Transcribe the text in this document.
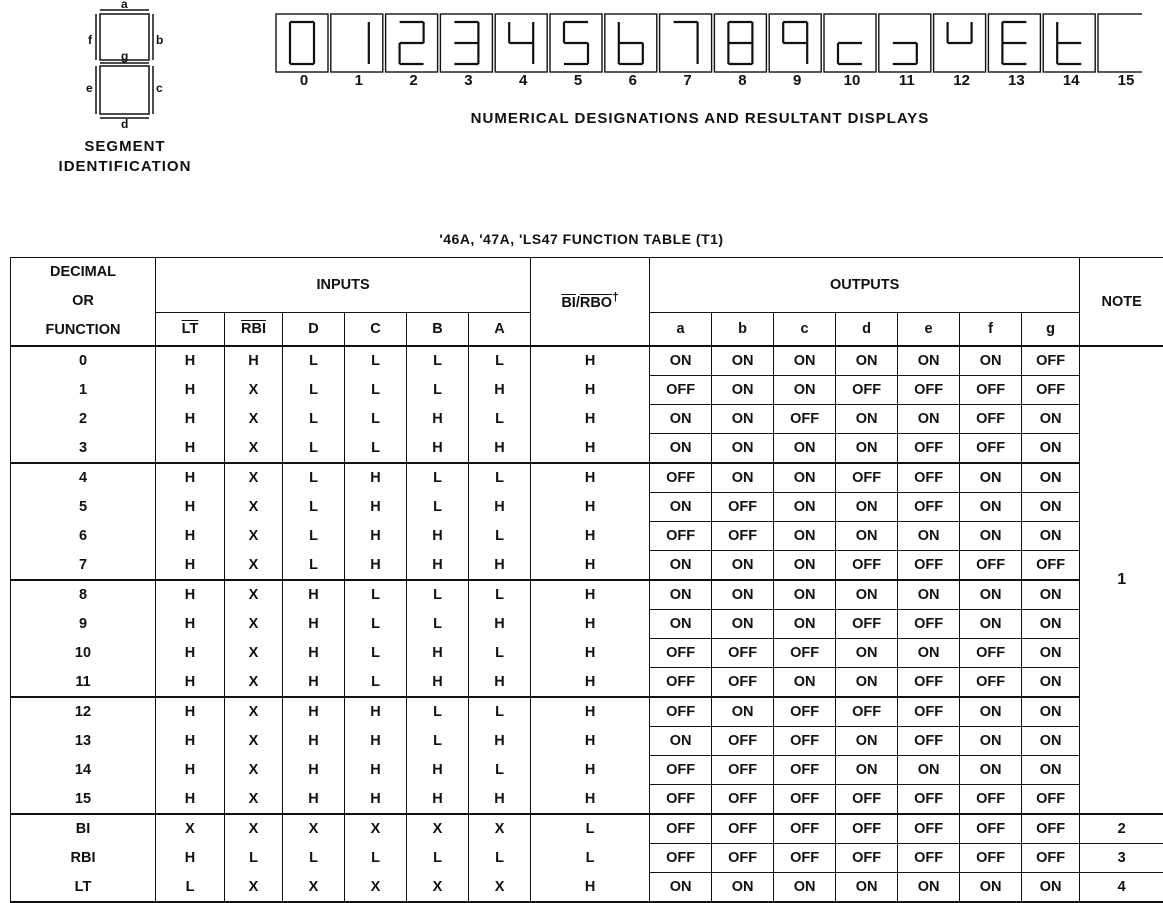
a
b
c
d
e
f
g
SEGMENT
IDENTIFICATION
0	1	2	3	4	5	6	7	8	9	10	11	12	13	14	15
NUMERICAL DESIGNATIONS AND RESULTANT DISPLAYS
'46A, '47A, 'LS47 FUNCTION TABLE (T1)
DECIMAL
OR
FUNCTION	INPUTS						$\overline{BI}/\overline{RBO}^\dagger$	OUTPUTS							NOTE
	$\overline{LT}$	$\overline{RBI}$	D	C	B	A		a	b	c	d	e	f	g	
0	H	H	L	L	L	L	H	ON	ON	ON	ON	ON	ON	OFF	1
1	H	X	L	L	L	H	H	OFF	ON	ON	OFF	OFF	OFF	OFF	
2	H	X	L	L	H	L	H	ON	ON	OFF	ON	ON	OFF	ON	
3	H	X	L	L	H	H	H	ON	ON	ON	ON	OFF	OFF	ON	
4	H	X	L	H	L	L	H	OFF	ON	ON	OFF	OFF	ON	ON	
5	H	X	L	H	L	H	H	ON	OFF	ON	ON	OFF	ON	ON	
6	H	X	L	H	H	L	H	OFF	OFF	ON	ON	ON	ON	ON	
7	H	X	L	H	H	H	H	ON	ON	ON	OFF	OFF	OFF	OFF	
8	H	X	H	L	L	L	H	ON	ON	ON	ON	ON	ON	ON	
9	H	X	H	L	L	H	H	ON	ON	ON	OFF	OFF	ON	ON	
10	H	X	H	L	H	L	H	OFF	OFF	OFF	ON	ON	OFF	ON	
11	H	X	H	L	H	H	H	OFF	OFF	ON	ON	OFF	OFF	ON	
12	H	X	H	H	L	L	H	OFF	ON	OFF	OFF	OFF	ON	ON	
13	H	X	H	H	L	H	H	ON	OFF	OFF	ON	OFF	ON	ON	
14	H	X	H	H	H	L	H	OFF	OFF	OFF	ON	ON	ON	ON	
15	H	X	H	H	H	H	H	OFF	OFF	OFF	OFF	OFF	OFF	OFF	
BI	X	X	X	X	X	X	L	OFF	OFF	OFF	OFF	OFF	OFF	OFF	2
RBI	H	L	L	L	L	L	L	OFF	OFF	OFF	OFF	OFF	OFF	OFF	3
LT	L	X	X	X	X	X	H	ON	ON	ON	ON	ON	ON	ON	4
